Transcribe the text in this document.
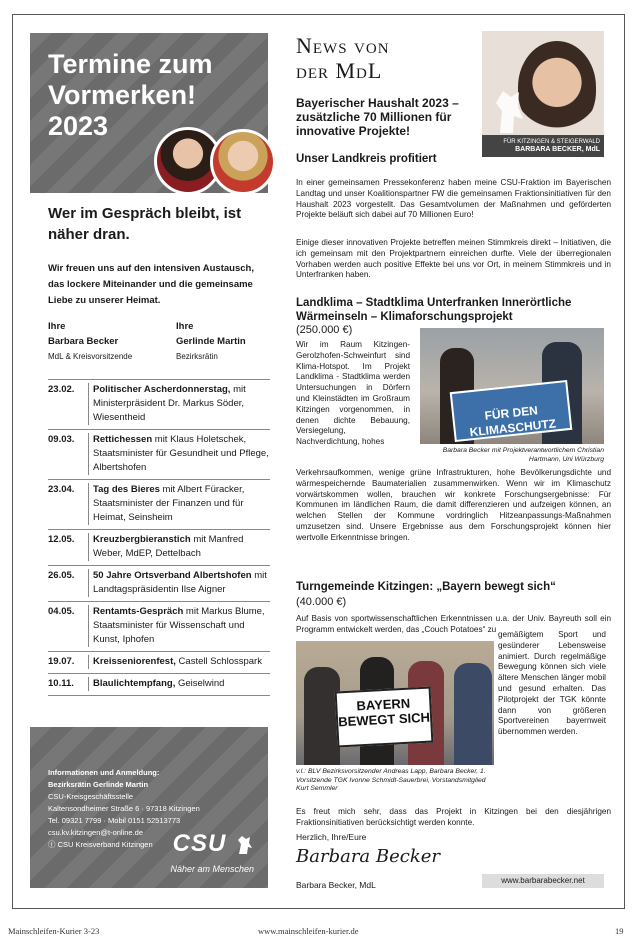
Termine zum Vormerken! 2023
Wer im Gespräch bleibt, ist näher dran.
Wir freuen uns auf den intensiven Austausch, das lockere Miteinander und die gemeinsame Liebe zu unserer Heimat.
Ihre
Barbara Becker
MdL & Kreisvorsitzende
Ihre
Gerlinde Martin
Bezirksrätin
23.02.	Politischer Ascherdonnerstag, mit Ministerpräsident Dr. Markus Söder, Wiesentheid
09.03.	Rettichessen mit Klaus Holetschek, Staatsminister für Gesundheit und Pflege, Albertshofen
23.04.	Tag des Bieres mit Albert Füracker, Staatsminister der Finanzen und für Heimat, Seinsheim
12.05.	Kreuzbergbieranstich mit Manfred Weber, MdEP, Dettelbach
26.05.	50 Jahre Ortsverband Albertshofen mit Landtagspräsidentin Ilse Aigner
04.05.	Rentamts-Gespräch mit Markus Blume, Staatsminister für Wissenschaft und Kunst, Iphofen
19.07.	Kreisseniorenfest, Castell Schlosspark
10.11.	Blaulichtempfang, Geiselwind
Informationen und Anmeldung:
Bezirksrätin Gerlinde Martin
CSU-Kreisgeschäftsstelle
Kaltensondheimer Straße 6 · 97318 Kitzingen
Tel. 09321 7799 · Mobil 0151 52513773
csu.kv.kitzingen@t-online.de
ⓕ CSU Kreisverband Kitzingen CSU
Näher am Menschen
News von
der MdL
FÜR KITZINGEN & STEIGERWALD
BARBARA BECKER, MdL
Bayerischer Haushalt 2023 – zusätzliche 70 Millionen für innovative Projekte!
Unser Landkreis profitiert
In einer gemeinsamen Pressekonferenz haben meine CSU-Fraktion im Bayerischen Landtag und unser Koalitionspartner FW die gemeinsamen Fraktionsinitiativen für den Haushalt 2023 vorgestellt. Das Gesamtvolumen der Maßnahmen und geförderten Projekte beläuft sich dabei auf 70 Millionen Euro!
Einige dieser innovativen Projekte betreffen meinen Stimmkreis direkt – Initiativen, die ich gemeinsam mit den Projektpartnern einreichen durfte. Viele der überregionalen Vorhaben werden auch positive Effekte bei uns vor Ort, in meinem Stimmkreis und in Unterfranken haben.
Landklima – Stadtklima Unterfranken Innerörtliche Wärmeinseln – Klimaforschungsprojekt
(250.000 €)
Wir im Raum Kitzingen-Gerolzhofen-Schweinfurt sind Klima-Hotspot. Im Projekt Landklima - Stadtklima werden Untersuchungen in Dörfern und Kleinstädten im Großraum Kitzingen vorgenommen, in denen dichte Bebauung, Versiegelung, Nachverdichtung, hohes
FÜR DEN KLIMASCHUTZ
Barbara Becker mit Projektverantwortlichem Christian Hartmann, Uni Würzburg
Verkehrsaufkommen, wenige grüne Infrastrukturen, hohe Bevölkerungsdichte und wärmespeichernde Baumaterialien zusammenwirken. Wenn wir im Klimaschutz vorwärtskommen wollen, brauchen wir konkrete Forschungsergebnisse: Für Kommunen im ländlichen Raum, die damit differenzieren und aufzeigen können, an welchen Stellen der Kommune vordringlich Hitzeanpassungs-Maßnahmen umzusetzen sind. Unsere Ergebnisse aus dem Forschungsprojekt können hier wertvolle Erkenntnisse bringen.
Turngemeinde Kitzingen: „Bayern bewegt sich“
(40.000 €)
Auf Basis von sportwissenschaftlichen Erkenntnissen u.a. der Univ. Bayreuth soll ein Programm entwickelt werden, das „Couch Potatoes“ zu
BAYERN BEWEGT SICH
v.l.: BLV Bezirksvorsitzender Andreas Lapp, Barbara Becker, 1. Vorsitzende TGK Ivonne Schmidt-Sauerbrei, Vorstandsmitglied Kurt Semmler
gemäßigtem Sport und gesünderer Lebensweise animiert. Durch regelmäßige Bewegung können sich viele ältere Menschen länger mobil und gesund erhalten. Das Pilotprojekt der TGK könnte dann von größeren Sportvereinen bayernweit übernommen werden.
Es freut mich sehr, dass das Projekt in Kitzingen bei den diesjährigen Fraktionsinitiativen berücksichtigt werden konnte.
Herzlich, Ihre/Eure
Barbara Becker
Barbara Becker, MdL	www.barbarabecker.net
Mainschleifen-Kurier 3-23	www.mainschleifen-kurier.de	19
